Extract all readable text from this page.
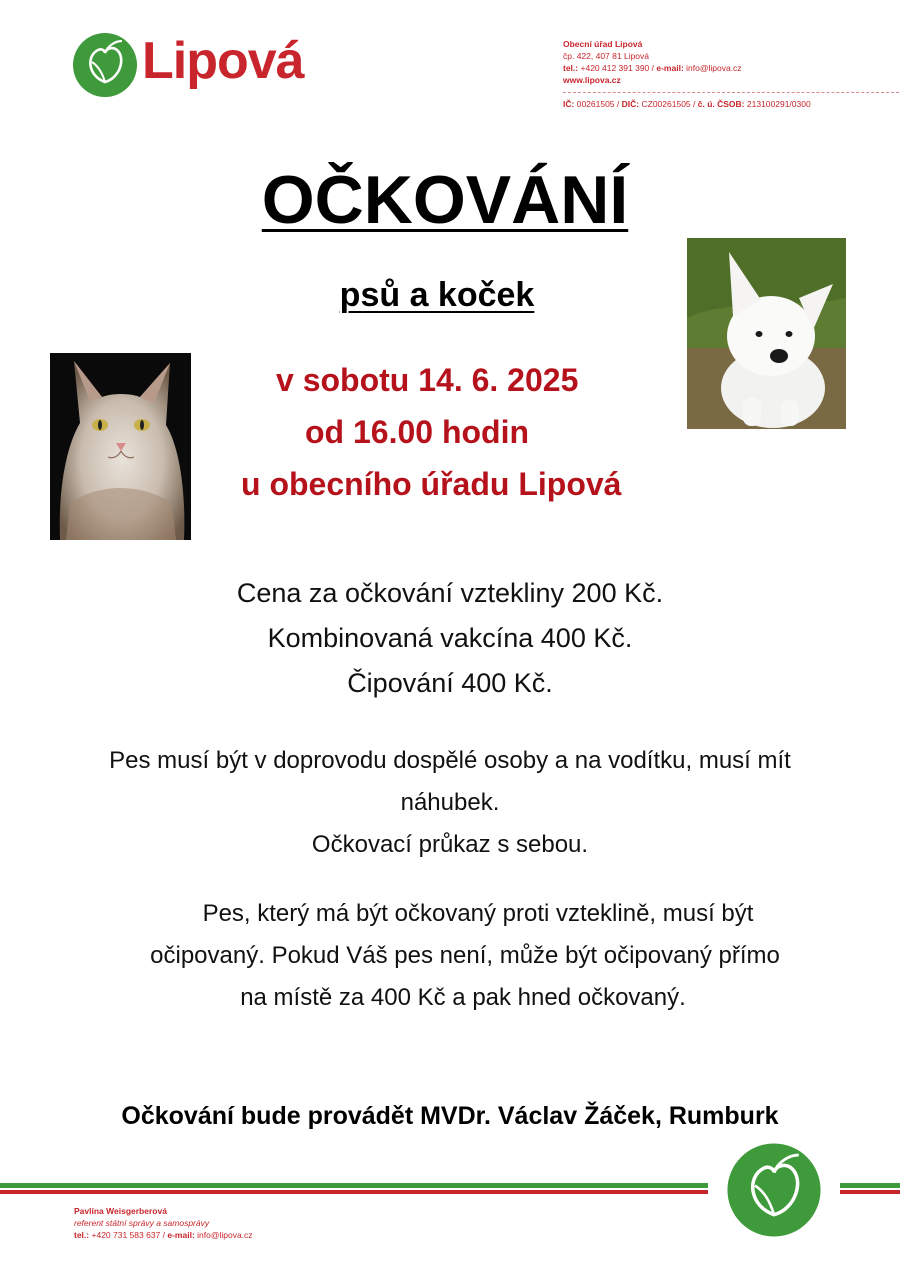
Lipová	Obecní úřad Lipová
čp. 422, 407 81 Lipová
tel.: +420 412 391 390 / e-mail: info@lipova.cz
www.lipova.cz
IČ: 00261505 / DIČ: CZ00261505 / č. ú. ČSOB: 213100291/0300
OČKOVÁNÍ
psů a koček
v sobotu 14. 6. 2025
od 16.00 hodin
u obecního úřadu Lipová
Cena za očkování vztekliny 200 Kč.
Kombinovaná vakcína 400 Kč.
Čipování 400 Kč.
Pes musí být v doprovodu dospělé osoby a na vodítku, musí mít
náhubek.
Očkovací průkaz s sebou.
Pes, který má být očkovaný proti vzteklině, musí být
očipovaný. Pokud Váš pes není, může být očipovaný přímo
na místě za 400 Kč a pak hned očkovaný.
Očkování bude provádět MVDr. Václav Žáček, Rumburk
Pavlína Weisgerberová
referent státní správy a samosprávy
tel.: +420 731 583 637 / e-mail: info@lipova.cz
